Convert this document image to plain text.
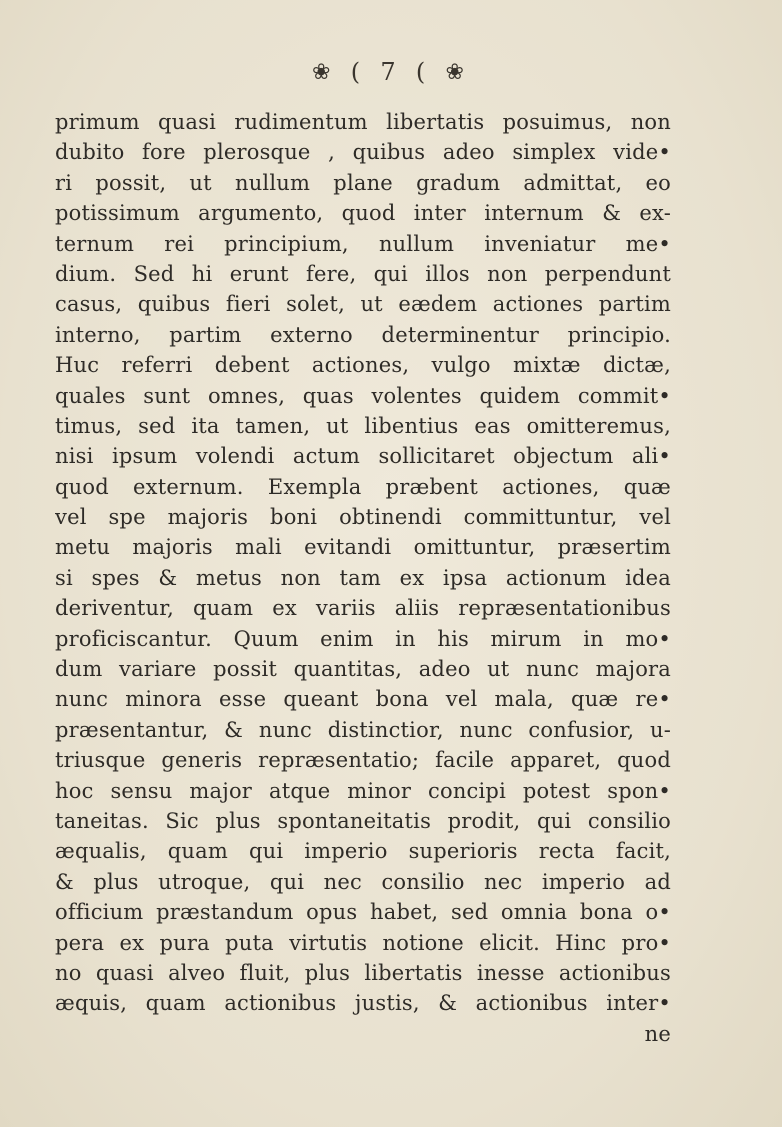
❀ ( 7 ( ❀
primum quasi rudimentum libertatis posuimus, non
dubito fore plerosque , quibus adeo simplex vide•
ri possit, ut nullum plane gradum admittat, eo
potissimum argumento, quod inter internum & ex-
ternum rei principium, nullum inveniatur me•
dium. Sed hi erunt fere, qui illos non perpendunt
casus, quibus fieri solet, ut eædem actiones partim
interno, partim externo determinentur principio.
Huc referri debent actiones, vulgo mixtæ dictæ,
quales sunt omnes, quas volentes quidem commit•
timus, sed ita tamen, ut libentius eas omitteremus,
nisi ipsum volendi actum sollicitaret objectum ali•
quod externum. Exempla præbent actiones, quæ
vel spe majoris boni obtinendi committuntur, vel
metu majoris mali evitandi omittuntur, præsertim
si spes & metus non tam ex ipsa actionum idea
deriventur, quam ex variis aliis repræsentationibus
proficiscantur. Quum enim in his mirum in mo•
dum variare possit quantitas, adeo ut nunc majora
nunc minora esse queant bona vel mala, quæ re•
præsentantur, & nunc distinctior, nunc confusior, u-
triusque generis repræsentatio; facile apparet, quod
hoc sensu major atque minor concipi potest spon•
taneitas. Sic plus spontaneitatis prodit, qui consilio
æqualis, quam qui imperio superioris recta facit,
& plus utroque, qui nec consilio nec imperio ad
officium præstandum opus habet, sed omnia bona o•
pera ex pura puta virtutis notione elicit. Hinc pro•
no quasi alveo fluit, plus libertatis inesse actionibus
æquis, quam actionibus justis, & actionibus inter•
ne
